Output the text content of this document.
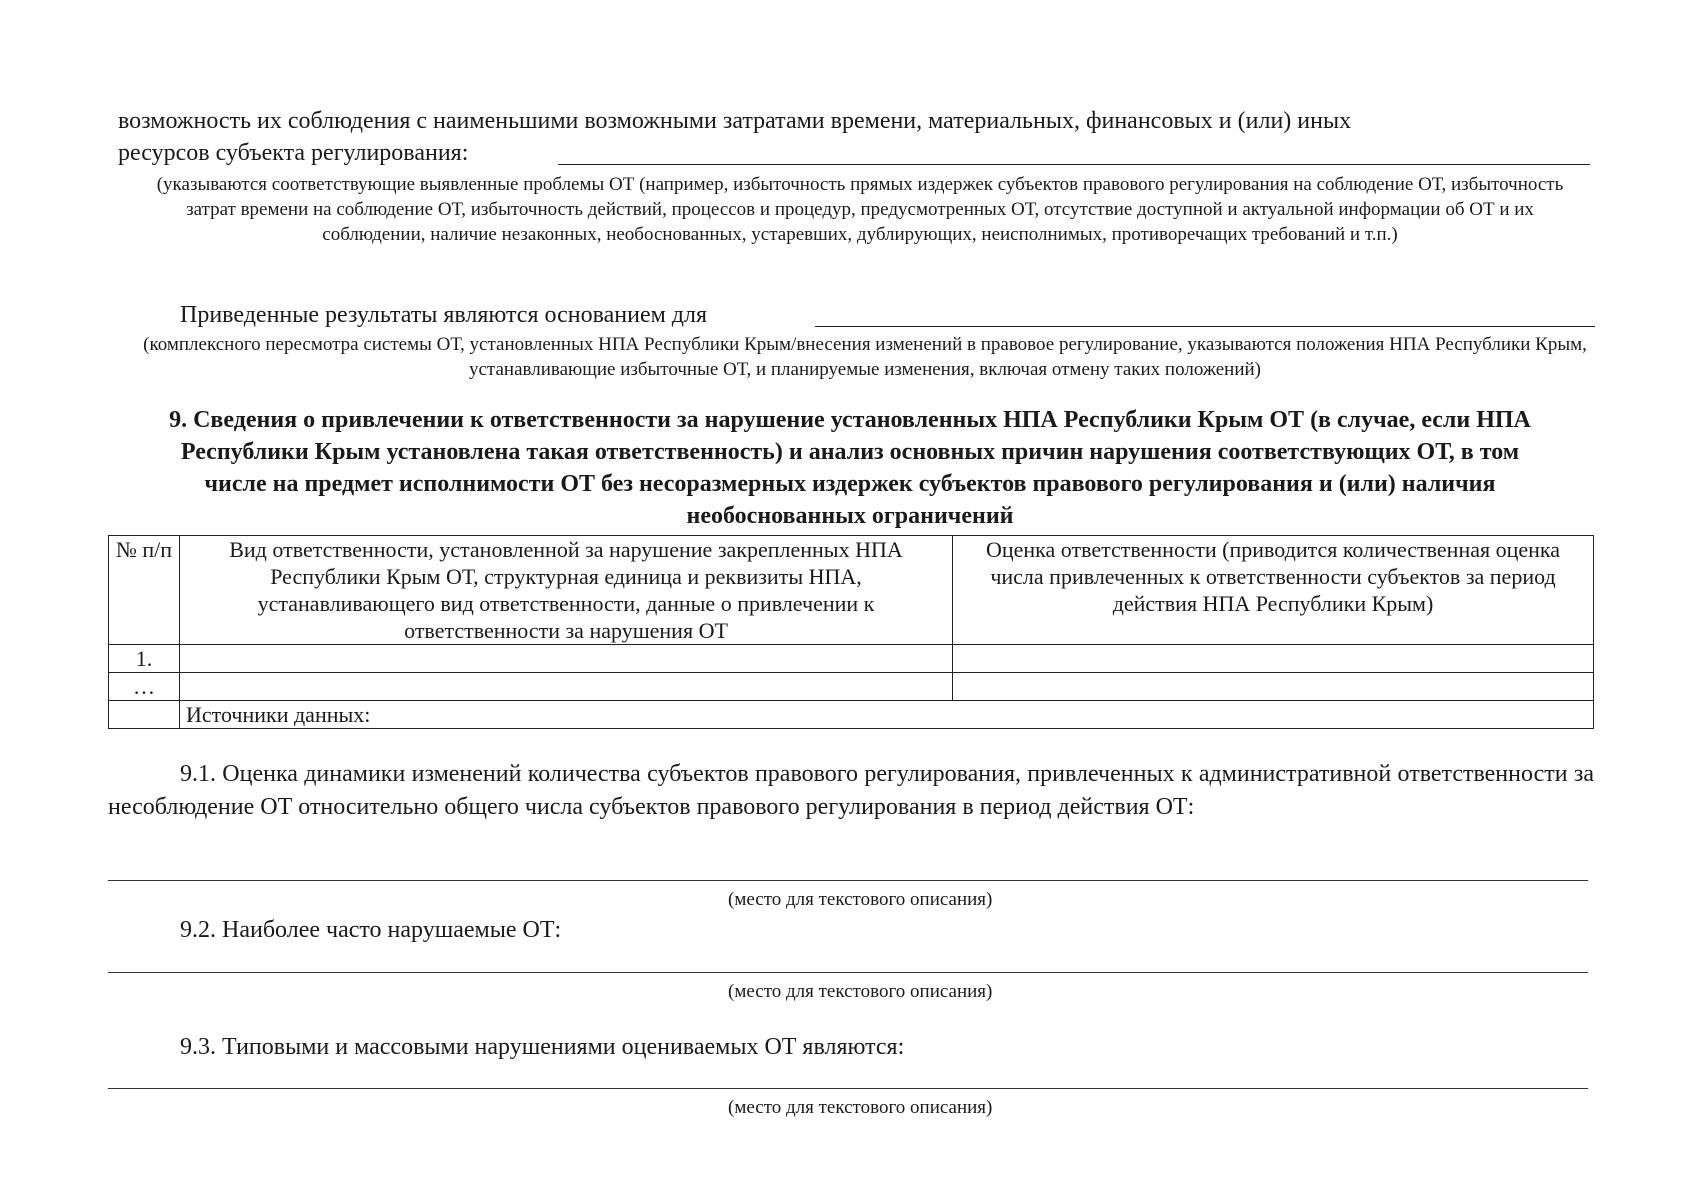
возможность их соблюдения с наименьшими возможными затратами времени, материальных, финансовых и (или) иных
ресурсов субъекта регулирования:
(указываются соответствующие выявленные проблемы ОТ (например, избыточность прямых издержек субъектов правового регулирования на соблюдение ОТ, избыточность затрат времени на соблюдение ОТ, избыточность действий, процессов и процедур, предусмотренных ОТ, отсутствие доступной и актуальной информации об ОТ и их соблюдении, наличие незаконных, необоснованных, устаревших, дублирующих, неисполнимых, противоречащих требований и т.п.)
Приведенные результаты являются основанием для
(комплексного пересмотра системы ОТ, установленных НПА Республики Крым/внесения изменений в правовое регулирование, указываются положения НПА Республики Крым, устанавливающие избыточные ОТ, и планируемые изменения, включая отмену таких положений)
9. Сведения о привлечении к ответственности за нарушение установленных НПА Республики Крым ОТ (в случае, если НПА Республики Крым установлена такая ответственность) и анализ основных причин нарушения соответствующих ОТ, в том числе на предмет исполнимости ОТ без несоразмерных издержек субъектов правового регулирования и (или) наличия необоснованных ограничений
№ п/п	Вид ответственности, установленной за нарушение закрепленных НПА Республики Крым ОТ, структурная единица и реквизиты НПА, устанавливающего вид ответственности, данные о привлечении к ответственности за нарушения ОТ	Оценка ответственности (приводится количественная оценка числа привлеченных к ответственности субъектов за период действия НПА Республики Крым)
1.		
…		
	Источники данных:	
9.1. Оценка динамики изменений количества субъектов правового регулирования, привлеченных к административной ответственности за несоблюдение ОТ относительно общего числа субъектов правового регулирования в период действия ОТ:
(место для текстового описания)
9.2. Наиболее часто нарушаемые ОТ:
(место для текстового описания)
9.3. Типовыми и массовыми нарушениями оцениваемых ОТ являются:
(место для текстового описания)
